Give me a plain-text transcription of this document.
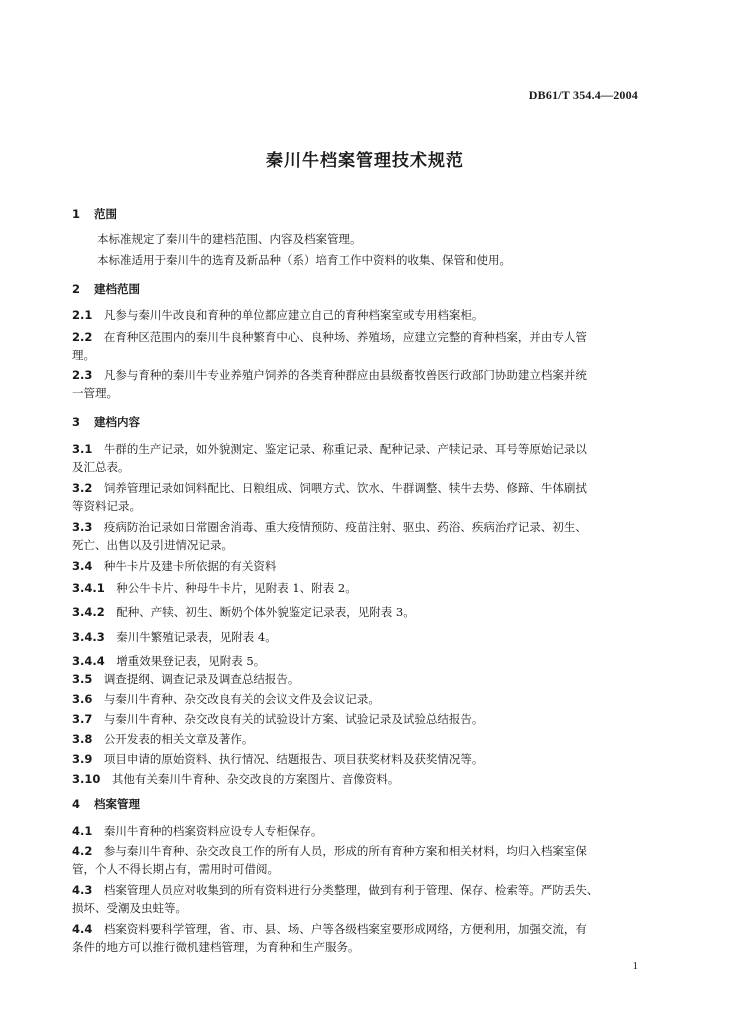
DB61/T 354.4—2004
秦川牛档案管理技术规范
1 范围
本标准规定了秦川牛的建档范围、内容及档案管理。
本标准适用于秦川牛的选育及新品种（系）培育工作中资料的收集、保管和使用。
2 建档范围
2.1　 凡参与秦川牛改良和育种的单位都应建立自己的育种档案室或专用档案柜。
2.2　 在育种区范围内的秦川牛良种繁育中心、良种场、养殖场，应建立完整的育种档案，并由专人管
理。
2.3　 凡参与育种的秦川牛专业养殖户饲养的各类育种群应由县级畜牧兽医行政部门协助建立档案并统
一管理。
3 建档内容
3.1　 牛群的生产记录，如外貌测定、鉴定记录、称重记录、配种记录、产犊记录、耳号等原始记录以
及汇总表。
3.2　 饲养管理记录如饲料配比、日粮组成、饲喂方式、饮水、牛群调整、犊牛去势、修蹄、牛体刷拭
等资料记录。
3.3　 疫病防治记录如日常圈舍消毒、重大疫情预防、疫苗注射、驱虫、药浴、疾病治疗记录、初生、
死亡、出售以及引进情况记录。
3.4　 种牛卡片及建卡所依据的有关资料
3.4.1　 种公牛卡片、种母牛卡片，见附表 1、附表 2。
3.4.2　 配种、产犊、初生、断奶个体外貌鉴定记录表，见附表 3。
3.4.3　 秦川牛繁殖记录表，见附表 4。
3.4.4　 增重效果登记表，见附表 5。
3.5　 调查提纲、调查记录及调查总结报告。
3.6　 与秦川牛育种、杂交改良有关的会议文件及会议记录。
3.7　 与秦川牛育种、杂交改良有关的试验设计方案、试验记录及试验总结报告。
3.8　 公开发表的相关文章及著作。
3.9　 项目申请的原始资料、执行情况、结题报告、项目获奖材料及获奖情况等。
3.10　 其他有关秦川牛育种、杂交改良的方案图片、音像资料。
4 档案管理
4.1　 秦川牛育种的档案资料应设专人专柜保存。
4.2　 参与秦川牛育种、杂交改良工作的所有人员，形成的所有育种方案和相关材料，均归入档案室保
管，个人不得长期占有，需用时可借阅。
4.3　 档案管理人员应对收集到的所有资料进行分类整理，做到有利于管理、保存、检索等。严防丢失、
损坏、受潮及虫蛀等。
4.4　 档案资料要科学管理，省、市、县、场、户等各级档案室要形成网络，方便利用，加强交流，有
条件的地方可以推行微机建档管理，为育种和生产服务。
1
